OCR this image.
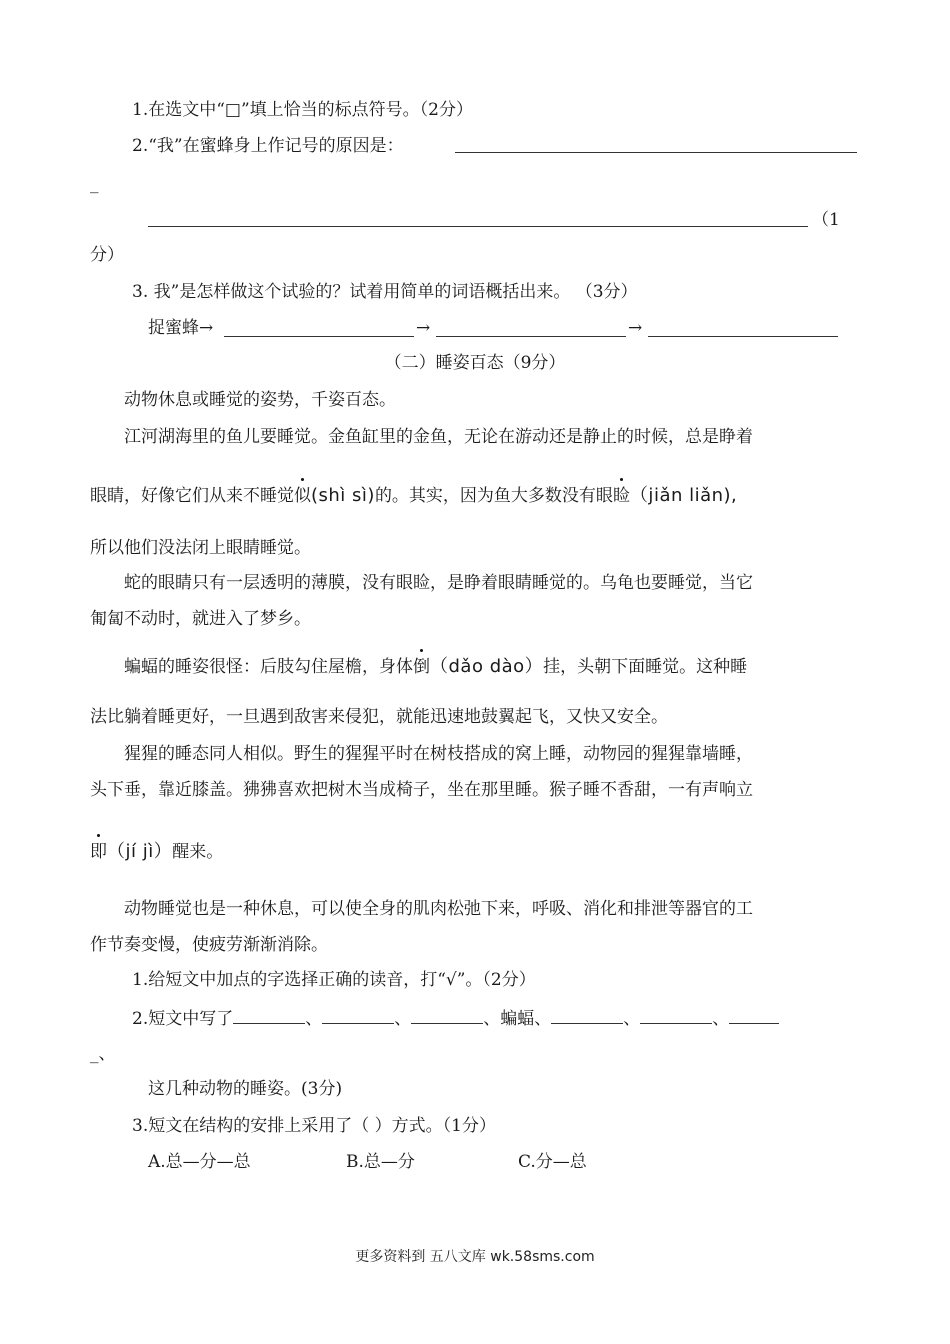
1.在选文中“□”填上恰当的标点符号。（2分）
2.“我”在蜜蜂身上作记号的原因是：
_
（1
分）
3. 我”是怎样做这个试验的？试着用简单的词语概括出来。 （3分）
捉蜜蜂→	→	→
（二）睡姿百态（9分）
动物休息或睡觉的姿势，千姿百态。
江河湖海里的鱼儿要睡觉。金鱼缸里的金鱼，无论在游动还是静止的时候，总是睁着
眼睛，好像它们从来不睡觉似(shì sì)的。其实，因为鱼大多数没有眼睑（jiǎn liǎn),
所以他们没法闭上眼睛睡觉。
蛇的眼睛只有一层透明的薄膜，没有眼睑，是睁着眼睛睡觉的。乌龟也要睡觉，当它
匍匐不动时，就进入了梦乡。
蝙蝠的睡姿很怪：后肢勾住屋檐，身体倒（dǎo dào）挂，头朝下面睡觉。这种睡
法比躺着睡更好，一旦遇到敌害来侵犯，就能迅速地鼓翼起飞，又快又安全。
猩猩的睡态同人相似。野生的猩猩平时在树枝搭成的窝上睡，动物园的猩猩靠墙睡，
头下垂，靠近膝盖。狒狒喜欢把树木当成椅子，坐在那里睡。猴子睡不香甜，一有声响立
即（jí jì）醒来。
动物睡觉也是一种休息，可以使全身的肌肉松弛下来，呼吸、消化和排泄等器官的工
作节奏变慢，使疲劳渐渐消除。
1.给短文中加点的字选择正确的读音，打“√”。（2分）
2.短文中写了	、	、	、蝙蝠、	、	、
_、
这几种动物的睡姿。(3分)
3.短文在结构的安排上采用了（ ）方式。（1分）
A.总—分—总	B.总—分	C.分—总
更多资料到 五八文库 wk.58sms.com
